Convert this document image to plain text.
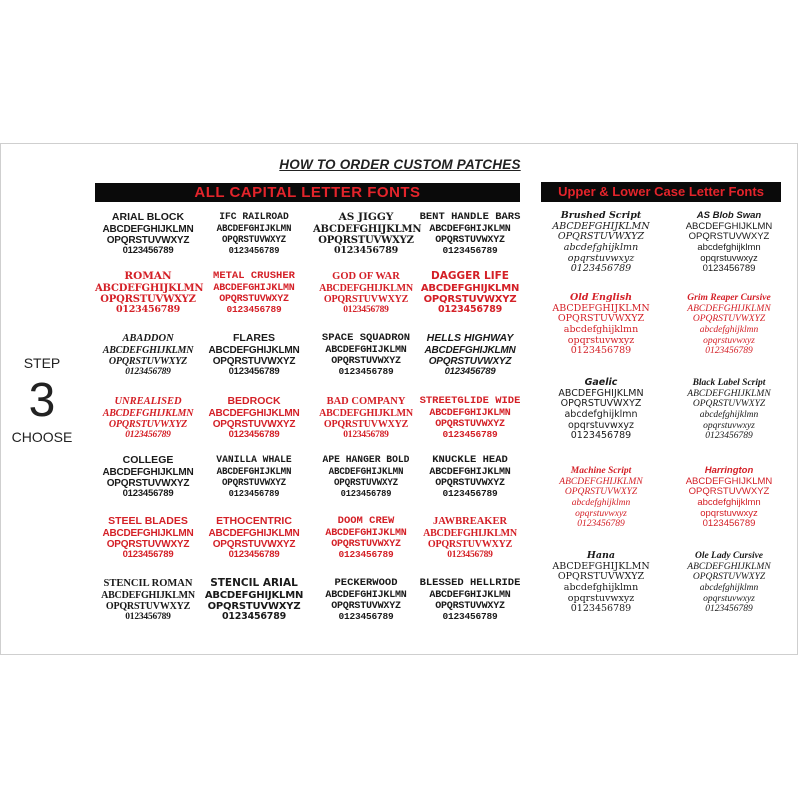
HOW TO ORDER CUSTOM PATCHES
ALL CAPITAL LETTER FONTS	Upper & Lower Case Letter Fonts
STEP
3
CHOOSE
ARIAL BLOCK
ABCDEFGHIJKLMN
OPQRSTUVWXYZ
0123456789
IFC RAILROAD
ABCDEFGHIJKLMN
OPQRSTUVWXYZ
0123456789
AS JIGGY
ABCDEFGHIJKLMN
OPQRSTUVWXYZ
0123456789
BENT HANDLE BARS
ABCDEFGHIJKLMN
OPQRSTUVWXYZ
0123456789
ROMAN
ABCDEFGHIJKLMN
OPQRSTUVWXYZ
0123456789
METAL CRUSHER
ABCDEFGHIJKLMN
OPQRSTUVWXYZ
0123456789
GOD OF WAR
ABCDEFGHIJKLMN
OPQRSTUVWXYZ
0123456789
DAGGER LIFE
ABCDEFGHIJKLMN
OPQRSTUVWXYZ
0123456789
ABADDON
ABCDEFGHIJKLMN
OPQRSTUVWXYZ
0123456789
FLARES
ABCDEFGHIJKLMN
OPQRSTUVWXYZ
0123456789
SPACE SQUADRON
ABCDEFGHIJKLMN
OPQRSTUVWXYZ
0123456789
HELLS HIGHWAY
ABCDEFGHIJKLMN
OPQRSTUVWXYZ
0123456789
UNREALISED
ABCDEFGHIJKLMN
OPQRSTUVWXYZ
0123456789
BEDROCK
ABCDEFGHIJKLMN
OPQRSTUVWXYZ
0123456789
BAD COMPANY
ABCDEFGHIJKLMN
OPQRSTUVWXYZ
0123456789
STREETGLIDE WIDE
ABCDEFGHIJKLMN
OPQRSTUVWXYZ
0123456789
COLLEGE
ABCDEFGHIJKLMN
OPQRSTUVWXYZ
0123456789
VANILLA WHALE
ABCDEFGHIJKLMN
OPQRSTUVWXYZ
0123456789
APE HANGER BOLD
ABCDEFGHIJKLMN
OPQRSTUVWXYZ
0123456789
KNUCKLE HEAD
ABCDEFGHIJKLMN
OPQRSTUVWXYZ
0123456789
STEEL BLADES
ABCDEFGHIJKLMN
OPQRSTUVWXYZ
0123456789
ETHOCENTRIC
ABCDEFGHIJKLMN
OPQRSTUVWXYZ
0123456789
DOOM CREW
ABCDEFGHIJKLMN
OPQRSTUVWXYZ
0123456789
JAWBREAKER
ABCDEFGHIJKLMN
OPQRSTUVWXYZ
0123456789
STENCIL ROMAN
ABCDEFGHIJKLMN
OPQRSTUVWXYZ
0123456789
STENCIL ARIAL
ABCDEFGHIJKLMN
OPQRSTUVWXYZ
0123456789
PECKERWOOD
ABCDEFGHIJKLMN
OPQRSTUVWXYZ
0123456789
BLESSED HELLRIDE
ABCDEFGHIJKLMN
OPQRSTUVWXYZ
0123456789
Brushed Script
ABCDEFGHIJKLMN
OPQRSTUVWXYZ
abcdefghijklmn
opqrstuvwxyz
0123456789
AS Blob Swan
ABCDEFGHIJKLMN
OPQRSTUVWXYZ
abcdefghijklmn
opqrstuvwxyz
0123456789
Old English
ABCDEFGHIJKLMN
OPQRSTUVWXYZ
abcdefghijklmn
opqrstuvwxyz
0123456789
Grim Reaper Cursive
ABCDEFGHIJKLMN
OPQRSTUVWXYZ
abcdefghijklmn
opqrstuvwxyz
0123456789
Gaelic
ABCDEFGHIJKLMN
OPQRSTUVWXYZ
abcdefghijklmn
opqrstuvwxyz
0123456789
Black Label Script
ABCDEFGHIJKLMN
OPQRSTUVWXYZ
abcdefghijklmn
opqrstuvwxyz
0123456789
Machine Script
ABCDEFGHIJKLMN
OPQRSTUVWXYZ
abcdefghijklmn
opqrstuvwxyz
0123456789
Harrington
ABCDEFGHIJKLMN
OPQRSTUVWXYZ
abcdefghijklmn
opqrstuvwxyz
0123456789
Hana
ABCDEFGHIJKLMN
OPQRSTUVWXYZ
abcdefghijklmn
opqrstuvwxyz
0123456789
Ole Lady Cursive
ABCDEFGHIJKLMN
OPQRSTUVWXYZ
abcdefghijklmn
opqrstuvwxyz
0123456789
